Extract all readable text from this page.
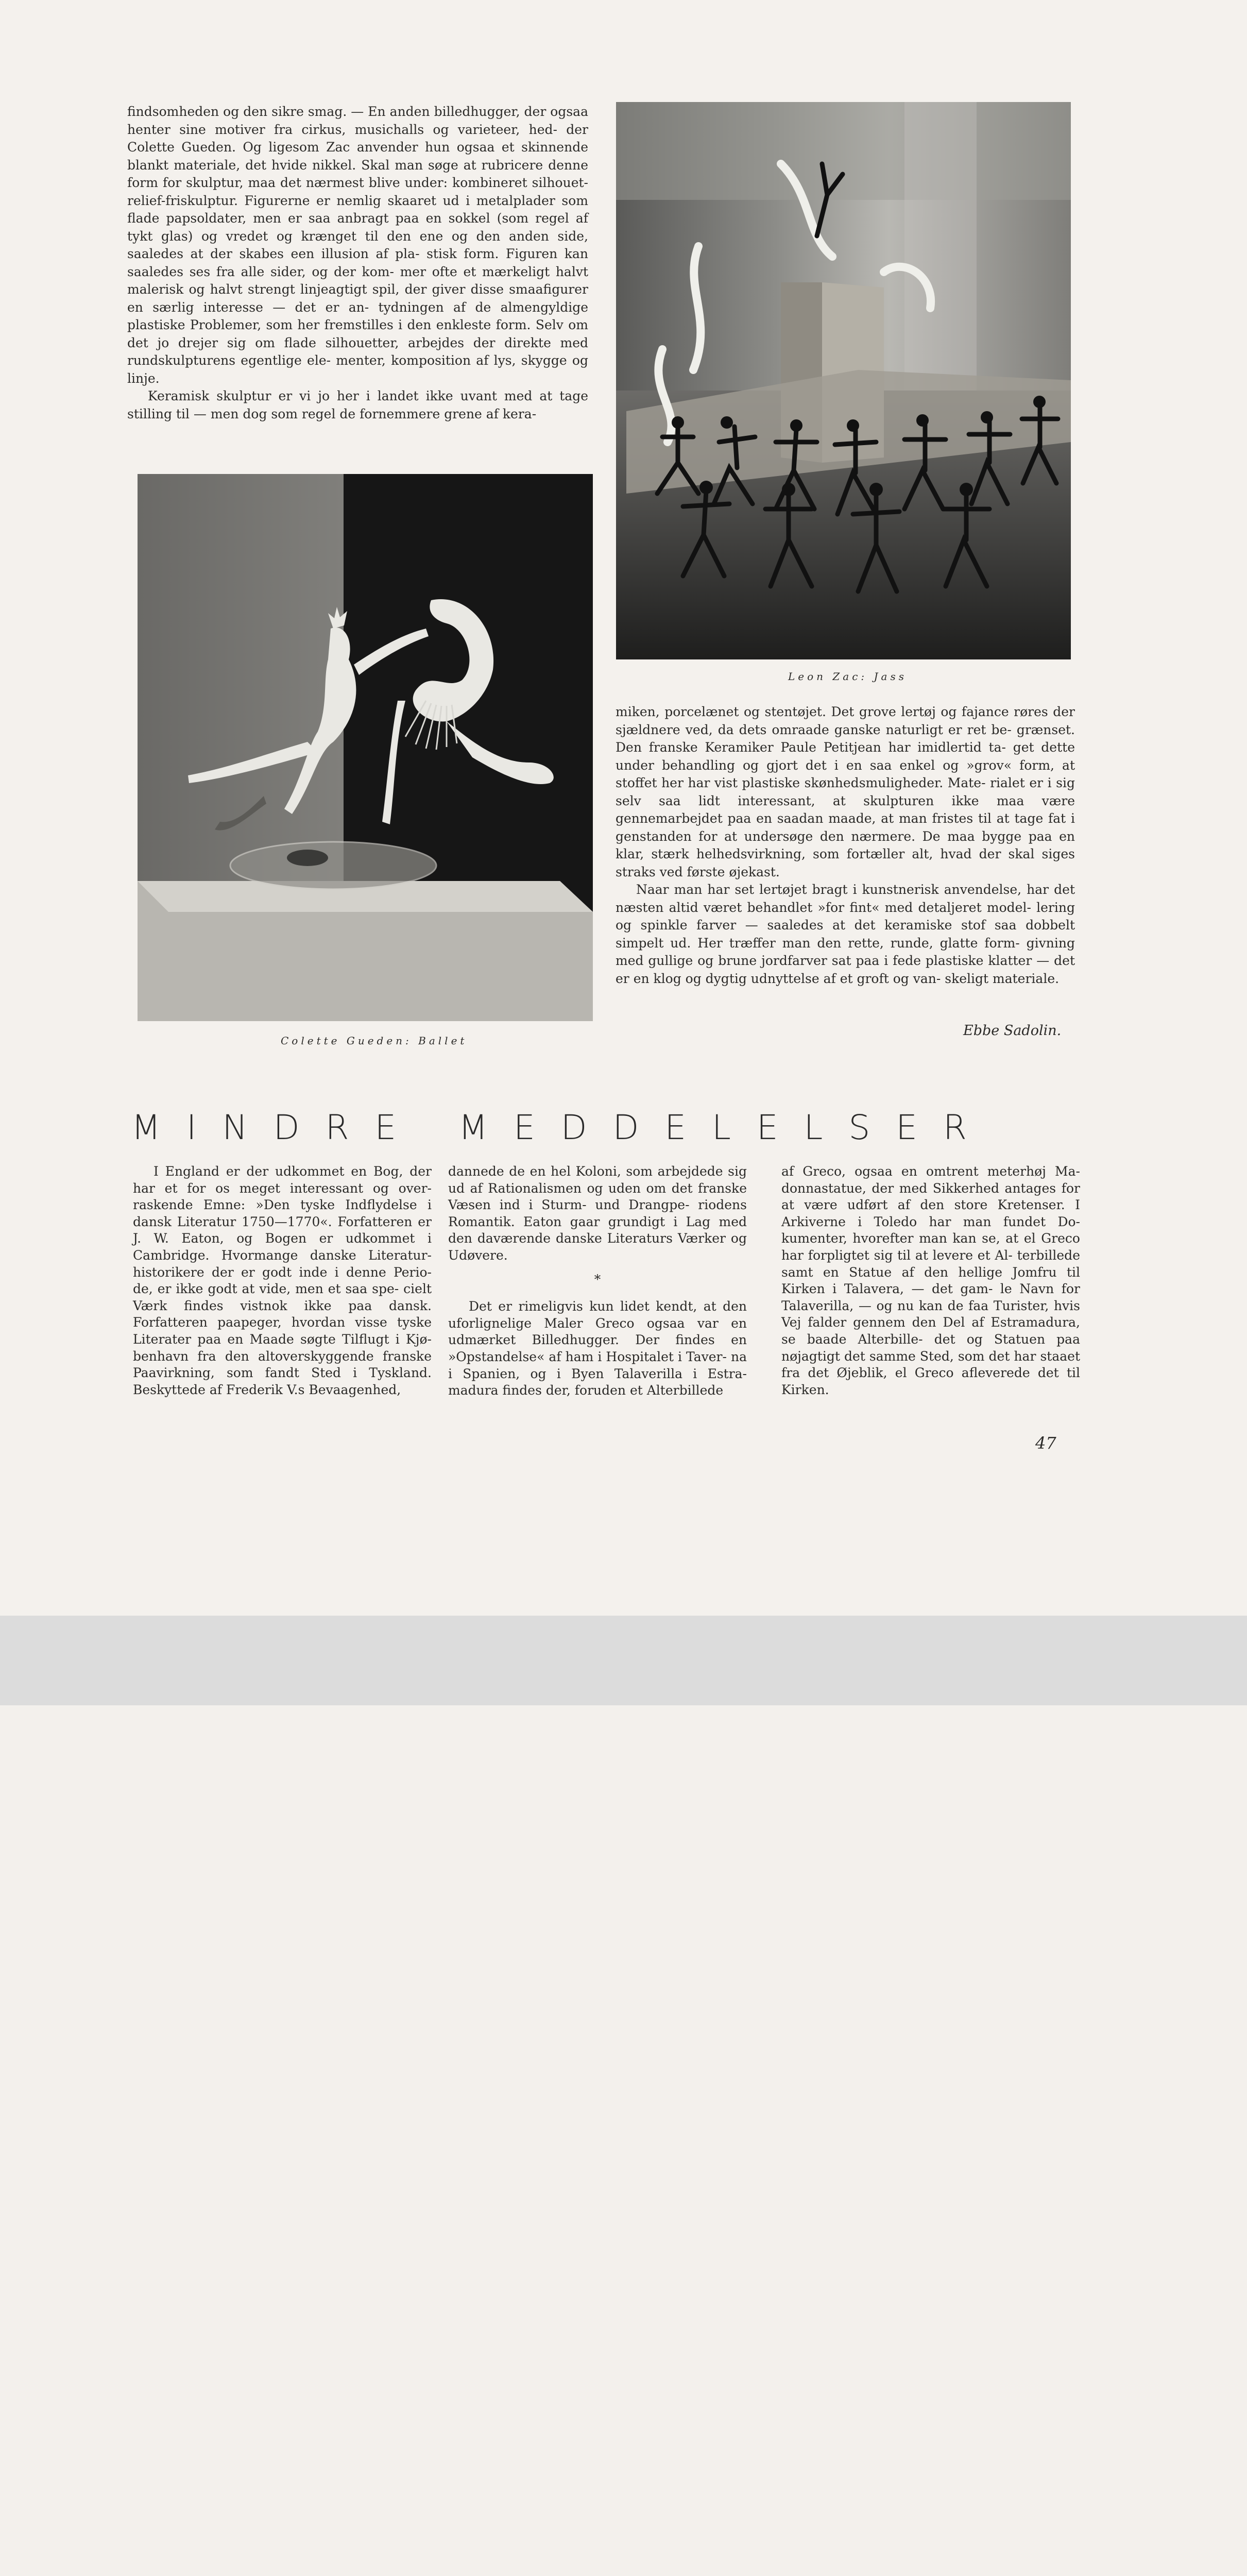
findsomheden og den sikre smag. — En anden billedhugger, der ogsaa henter sine motiver fra cirkus, musichalls og varieteer, hed- der Colette Gueden. Og ligesom Zac anvender hun ogsaa et skinnende blankt materiale, det hvide nikkel. Skal man søge at rubricere denne form for skulptur, maa det nærmest blive under: kombineret silhouet-relief-friskulptur. Figurerne er nemlig skaaret ud i metalplader som flade papsoldater, men er saa anbragt paa en sokkel (som regel af tykt glas) og vredet og krænget til den ene og den anden side, saaledes at der skabes een illusion af pla- stisk form. Figuren kan saaledes ses fra alle sider, og der kom- mer ofte et mærkeligt halvt malerisk og halvt strengt linjeagtigt spil, der giver disse smaafigurer en særlig interesse — det er an- tydningen af de almengyldige plastiske Problemer, som her fremstilles i den enkleste form. Selv om det jo drejer sig om flade silhouetter, arbejdes der direkte med rundskulpturens egentlige ele- menter, komposition af lys, skygge og linje.

Keramisk skulptur er vi jo her i landet ikke uvant med at tage stilling til — men dog som regel de fornemmere grene af kera-

Leon Zac: Jass
Colette Gueden: Ballet

miken, porcelænet og stentøjet. Det grove lertøj og fajance røres der sjældnere ved, da dets omraade ganske naturligt er ret be- grænset. Den franske Keramiker Paule Petitjean har imidlertid ta- get dette under behandling og gjort det i en saa enkel og »grov« form, at stoffet her har vist plastiske skønhedsmuligheder. Mate- rialet er i sig selv saa lidt interessant, at skulpturen ikke maa være gennemarbejdet paa en saadan maade, at man fristes til at tage fat i genstanden for at undersøge den nærmere. De maa bygge paa en klar, stærk helhedsvirkning, som fortæller alt, hvad der skal siges straks ved første øjekast.

Naar man har set lertøjet bragt i kunstnerisk anvendelse, har det næsten altid været behandlet »for fint« med detaljeret model- lering og spinkle farver — saaledes at det keramiske stof saa dobbelt simpelt ud. Her træffer man den rette, runde, glatte form- givning med gullige og brune jordfarver sat paa i fede plastiske klatter — det er en klog og dygtig udnyttelse af et groft og van- skeligt materiale.

Ebbe Sadolin.
MINDRE MEDDELELSER

I England er der udkommet en Bog, der har et for os meget interessant og over- raskende Emne: »Den tyske Indflydelse i dansk Literatur 1750—1770«. Forfatteren er J. W. Eaton, og Bogen er udkommet i Cambridge. Hvormange danske Literatur- historikere der er godt inde i denne Perio- de, er ikke godt at vide, men et saa spe- cielt Værk findes vistnok ikke paa dansk. Forfatteren paapeger, hvordan visse tyske Literater paa en Maade søgte Tilflugt i Kjø- benhavn fra den altoverskyggende franske Paavirkning, som fandt Sted i Tyskland. Beskyttede af Frederik V.s Bevaagenhed,

dannede de en hel Koloni, som arbejdede sig ud af Rationalismen og uden om det franske Væsen ind i Sturm- und Drangpe- riodens Romantik. Eaton gaar grundigt i Lag med den daværende danske Literaturs Værker og Udøvere.

*

Det er rimeligvis kun lidet kendt, at den uforlignelige Maler Greco ogsaa var en udmærket Billedhugger. Der findes en »Opstandelse« af ham i Hospitalet i Taver- na i Spanien, og i Byen Talaverilla i Estra- madura findes der, foruden et Alterbillede

af Greco, ogsaa en omtrent meterhøj Ma- donnastatue, der med Sikkerhed antages for at være udført af den store Kretenser. I Arkiverne i Toledo har man fundet Do- kumenter, hvorefter man kan se, at el Greco har forpligtet sig til at levere et Al- terbillede samt en Statue af den hellige Jomfru til Kirken i Talavera, — det gam- le Navn for Talaverilla, — og nu kan de faa Turister, hvis Vej falder gennem den Del af Estramadura, se baade Alterbille- det og Statuen paa nøjagtigt det samme Sted, som det har staaet fra det Øjeblik, el Greco afleverede det til Kirken.

47
